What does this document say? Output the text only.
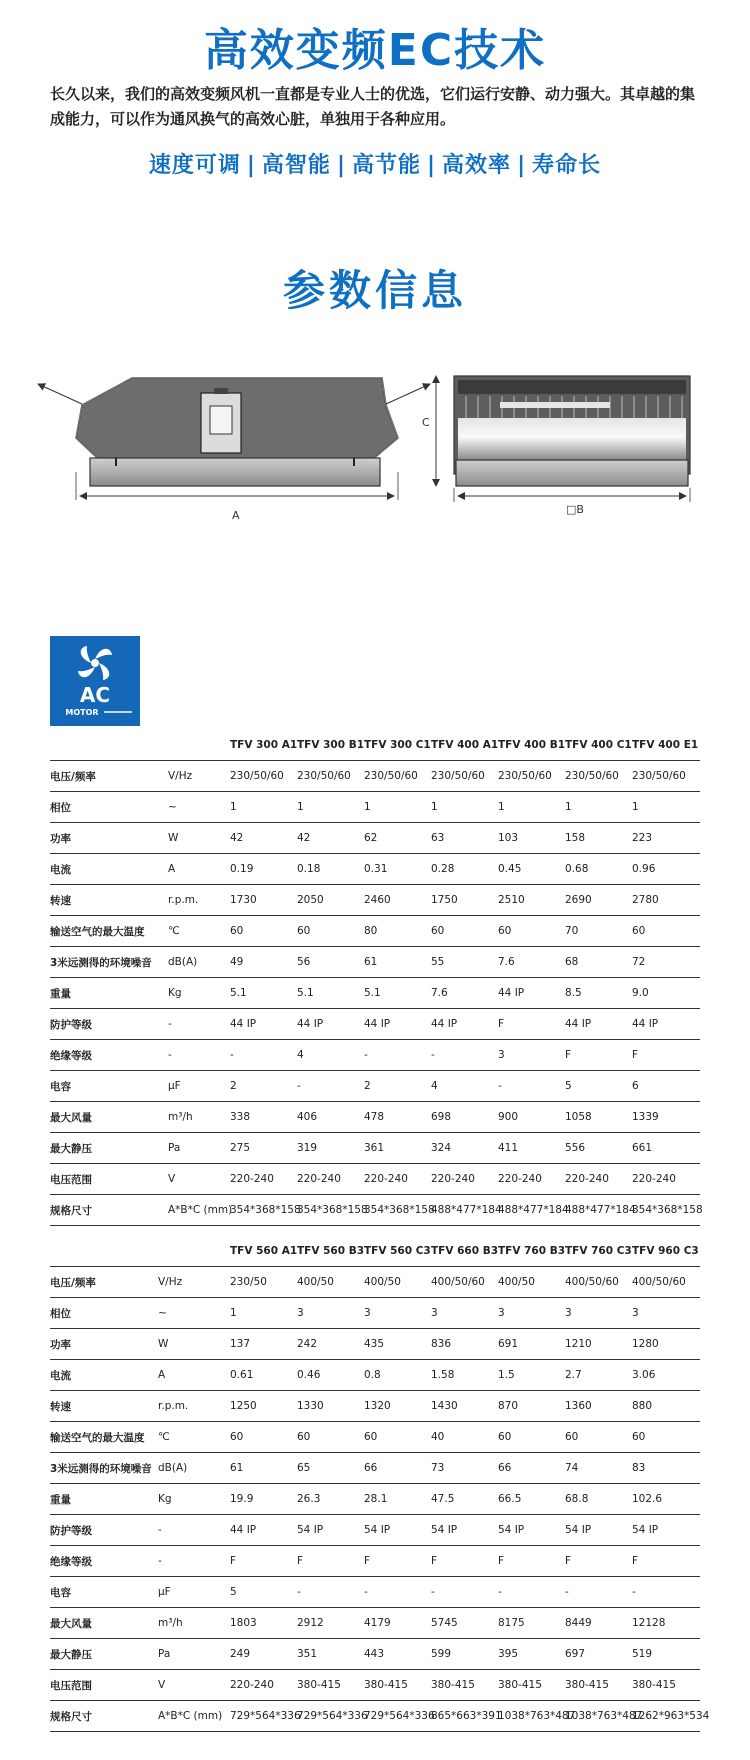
高效变频EC技术

长久以来，我们的高效变频风机一直都是专业人士的优选，它们运行安静、动力强大。其卓越的集成能力，可以作为通风换气的高效心脏，单独用于各种应用。

速度可调 | 高智能 | 高节能 | 高效率 | 寿命长

参数信息
A
C
□B
AC
MOTOR
		TFV 300 A1	TFV 300 B1	TFV 300 C1	TFV 400 A1	TFV 400 B1	TFV 400 C1	TFV 400 E1
电压/频率	V/Hz	230/50/60	230/50/60	230/50/60	230/50/60	230/50/60	230/50/60	230/50/60
相位	~	1	1	1	1	1	1	1
功率	W	42	42	62	63	103	158	223
电流	A	0.19	0.18	0.31	0.28	0.45	0.68	0.96
转速	r.p.m.	1730	2050	2460	1750	2510	2690	2780
输送空气的最大温度	℃	60	60	80	60	60	70	60
3米远测得的环境噪音	dB(A)	49	56	61	55	7.6	68	72
重量	Kg	5.1	5.1	5.1	7.6	44 IP	8.5	9.0
防护等级	-	44 IP	44 IP	44 IP	44 IP	F	44 IP	44 IP
绝缘等级	-	-	4	-	-	3	F	F
电容	μF	2	-	2	4	-	5	6
最大风量	m³/h	338	406	478	698	900	1058	1339
最大静压	Pa	275	319	361	324	411	556	661
电压范围	V	220-240	220-240	220-240	220-240	220-240	220-240	220-240
规格尺寸	A*B*C (mm)	354*368*158	354*368*158	354*368*158	488*477*184	488*477*184	488*477*184	354*368*158
		TFV 560 A1	TFV 560 B3	TFV 560 C3	TFV 660 B3	TFV 760 B3	TFV 760 C3	TFV 960 C3
电压/频率	V/Hz	230/50	400/50	400/50	400/50/60	400/50	400/50/60	400/50/60
相位	~	1	3	3	3	3	3	3
功率	W	137	242	435	836	691	1210	1280
电流	A	0.61	0.46	0.8	1.58	1.5	2.7	3.06
转速	r.p.m.	1250	1330	1320	1430	870	1360	880
输送空气的最大温度	℃	60	60	60	40	60	60	60
3米远测得的环境噪音	dB(A)	61	65	66	73	66	74	83
重量	Kg	19.9	26.3	28.1	47.5	66.5	68.8	102.6
防护等级	-	44 IP	54 IP	54 IP	54 IP	54 IP	54 IP	54 IP
绝缘等级	-	F	F	F	F	F	F	F
电容	μF	5	-	-	-	-	-	-
最大风量	m³/h	1803	2912	4179	5745	8175	8449	12128
最大静压	Pa	249	351	443	599	395	697	519
电压范围	V	220-240	380-415	380-415	380-415	380-415	380-415	380-415
规格尺寸	A*B*C (mm)	729*564*336	729*564*336	729*564*336	865*663*391	1038*763*487	1038*763*487	1262*963*534
